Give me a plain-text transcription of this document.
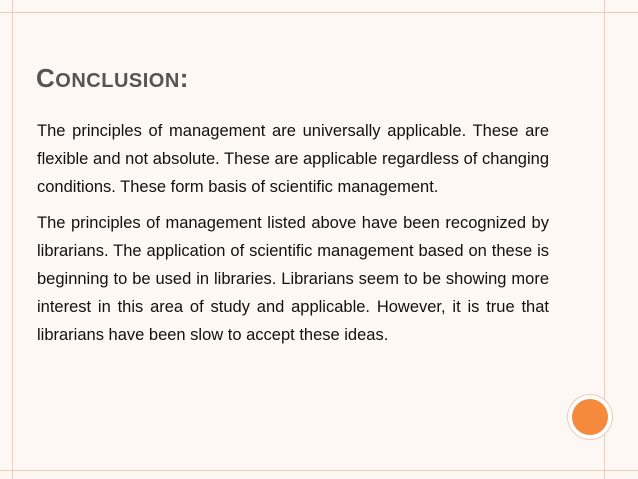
CONCLUSION:

The principles of management are universally applicable. These are flexible and not absolute. These are applicable regardless of changing conditions. These form basis of scientific management.

The principles of management listed above have been recognized by librarians. The application of scientific management based on these is beginning to be used in libraries. Librarians seem to be showing more interest in this area of study and applicable. However, it is true that librarians have been slow to accept these ideas.
